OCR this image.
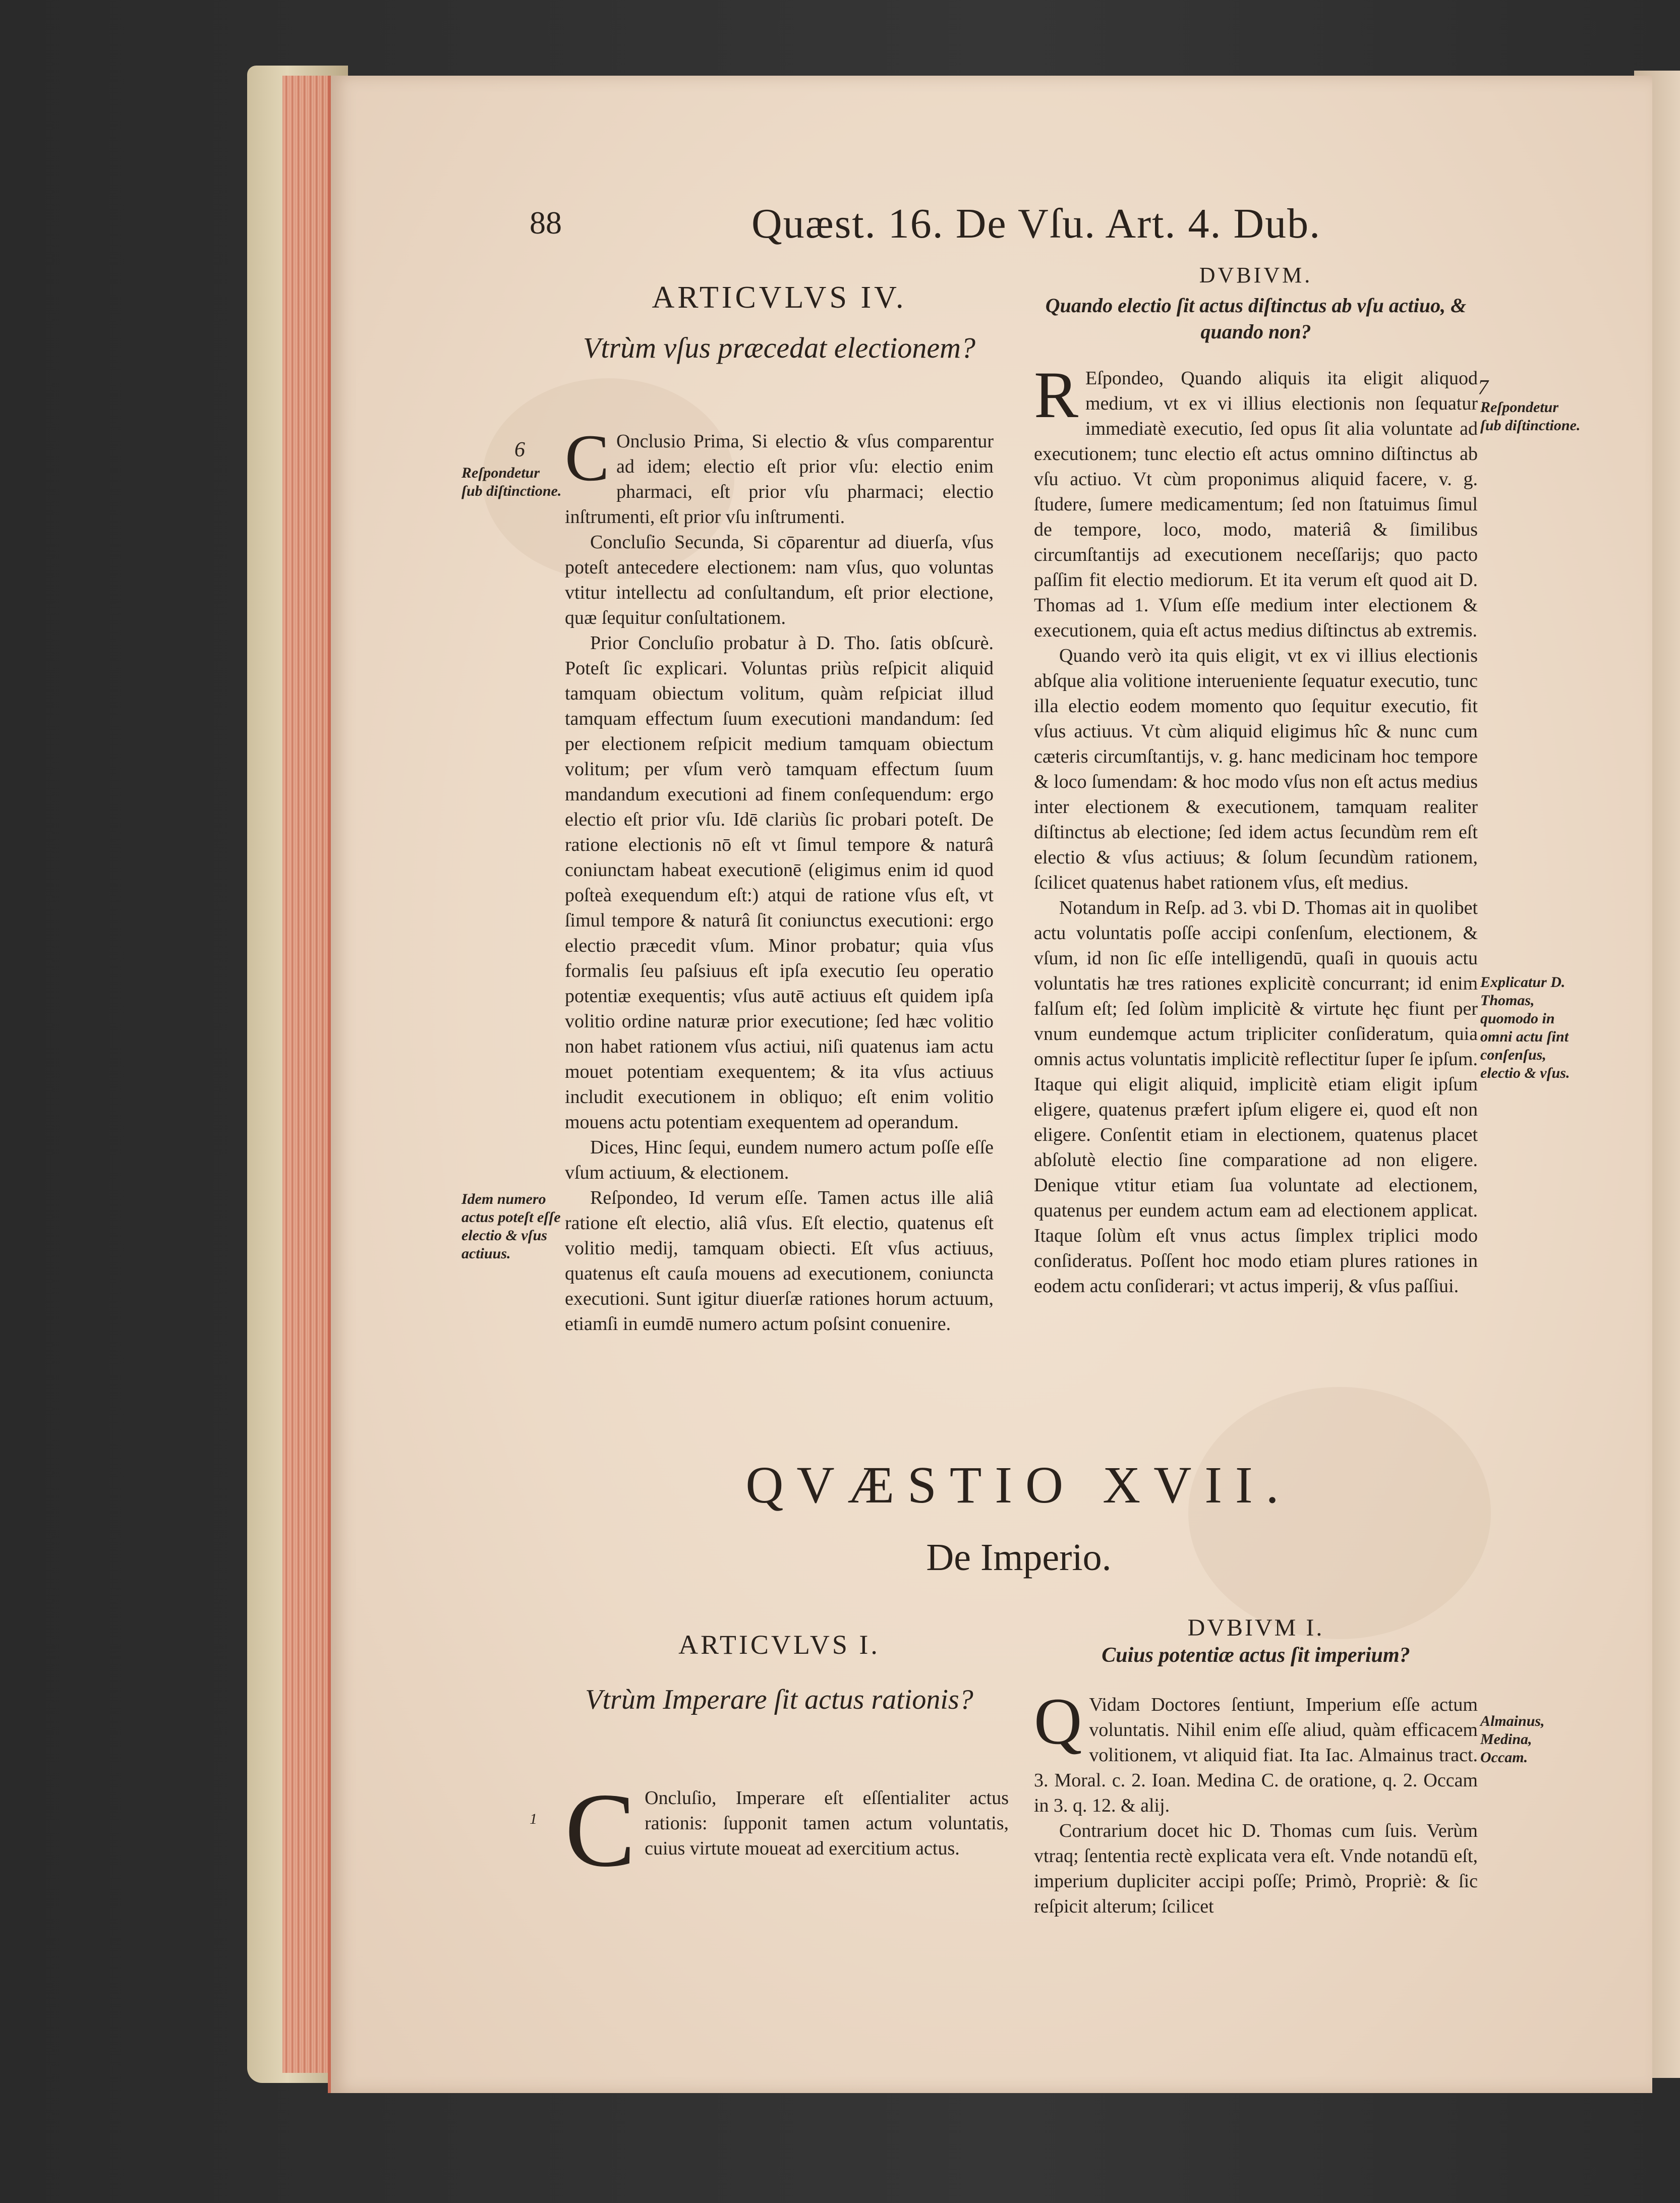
88	Quæst. 16. De Vſu. Art. 4. Dub.
ARTICVLVS IV.
Vtrùm vſus præcedat electionem?

C Onclusio Prima, Si electio & vſus comparentur ad idem; electio eſt prior vſu: electio enim pharmaci, eſt prior vſu pharmaci; electio inſtrumenti, eſt prior vſu inſtrumenti.

Concluſio Secunda, Si cōparentur ad diuerſa, vſus poteſt antecedere electionem: nam vſus, quo voluntas vtitur intellectu ad conſultandum, eſt prior electione, quæ ſequitur conſultationem.

Prior Concluſio probatur à D. Tho. ſatis obſcurè. Poteſt ſic explicari. Voluntas priùs reſpicit aliquid tamquam obiectum volitum, quàm reſpiciat illud tamquam effectum ſuum executioni mandandum: ſed per electionem reſpicit medium tamquam obiectum volitum; per vſum verò tamquam effectum ſuum mandandum executioni ad finem conſequendum: ergo electio eſt prior vſu. Idē clariùs ſic probari poteſt. De ratione electionis nō eſt vt ſimul tempore & naturâ coniunctam habeat executionē (eligimus enim id quod poſteà exequendum eſt:) atqui de ratione vſus eſt, vt ſimul tempore & naturâ ſit coniunctus executioni: ergo electio præcedit vſum. Minor probatur; quia vſus formalis ſeu paſsiuus eſt ipſa executio ſeu operatio potentiæ exequentis; vſus autē actiuus eſt quidem ipſa volitio ordine naturæ prior executione; ſed hæc volitio non habet rationem vſus actiui, niſi quatenus iam actu mouet potentiam exequentem; & ita vſus actiuus includit executionem in obliquo; eſt enim volitio mouens actu potentiam exequentem ad operandum.

Dices, Hinc ſequi, eundem numero actum poſſe eſſe vſum actiuum, & electionem.

Reſpondeo, Id verum eſſe. Tamen actus ille aliâ ratione eſt electio, aliâ vſus. Eſt electio, quatenus eſt volitio medij, tamquam obiecti. Eſt vſus actiuus, quatenus eſt cauſa mouens ad executionem, coniuncta executioni. Sunt igitur diuerſæ rationes horum actuum, etiamſi in eumdē numero actum poſsint conuenire.

DVBIVM.
Quando electio ſit actus diſtinctus ab vſu actiuo, & quando non?

R Eſpondeo, Quando aliquis ita eligit aliquod medium, vt ex vi illius electionis non ſequatur immediatè executio, ſed opus ſit alia voluntate ad executionem; tunc electio eſt actus omnino diſtinctus ab vſu actiuo. Vt cùm proponimus aliquid facere, v. g. ſtudere, ſumere medicamentum; ſed non ſtatuimus ſimul de tempore, loco, modo, materiâ & ſimilibus circumſtantijs ad executionem neceſſarijs; quo pacto paſſim fit electio mediorum. Et ita verum eſt quod ait D. Thomas ad 1. Vſum eſſe medium inter electionem & executionem, quia eſt actus medius diſtinctus ab extremis.

Quando verò ita quis eligit, vt ex vi illius electionis abſque alia volitione interueniente ſequatur executio, tunc illa electio eodem momento quo ſequitur executio, fit vſus actiuus. Vt cùm aliquid eligimus hîc & nunc cum cæteris circumſtantijs, v. g. hanc medicinam hoc tempore & loco ſumendam: & hoc modo vſus non eſt actus medius inter electionem & executionem, tamquam realiter diſtinctus ab electione; ſed idem actus ſecundùm rem eſt electio & vſus actiuus; & ſolum ſecundùm rationem, ſcilicet quatenus habet rationem vſus, eſt medius.

Notandum in Reſp. ad 3. vbi D. Thomas ait in quolibet actu voluntatis poſſe accipi conſenſum, electionem, & vſum, id non ſic eſſe intelligendū, quaſi in quouis actu voluntatis hæ tres rationes explicitè concurrant; id enim falſum eſt; ſed ſolùm implicitè & virtute hęc fiunt per vnum eundemque actum tripliciter conſideratum, quia omnis actus voluntatis implicitè reflectitur ſuper ſe ipſum. Itaque qui eligit aliquid, implicitè etiam eligit ipſum eligere, quatenus præfert ipſum eligere ei, quod eſt non eligere. Conſentit etiam in electionem, quatenus placet abſolutè electio ſine comparatione ad non eligere. Denique vtitur etiam ſua voluntate ad electionem, quatenus per eundem actum eam ad electionem applicat. Itaque ſolùm eſt vnus actus ſimplex triplici modo conſideratus. Poſſent hoc modo etiam plures rationes in eodem actu conſiderari; vt actus imperij, & vſus paſſiui.

QVÆSTIO XVII.
De Imperio.
ARTICVLVS I.
Vtrùm Imperare ſit actus rationis?

C Oncluſio, Imperare eſt eſſentialiter actus rationis: ſupponit tamen actum voluntatis, cuius virtute moueat ad exercitium actus.

DVBIVM I.
Cuius potentiæ actus ſit imperium?

Q Vidam Doctores ſentiunt, Imperium eſſe actum voluntatis. Nihil enim eſſe aliud, quàm efficacem volitionem, vt aliquid fiat. Ita Iac. Almainus tract. 3. Moral. c. 2. Ioan. Medina C. de oratione, q. 2. Occam in 3. q. 12. & alij.

Contrarium docet hic D. Thomas cum ſuis. Verùm vtraq; ſententia rectè explicata vera eſt. Vnde notandū eſt, imperium dupliciter accipi poſſe; Primò, Propriè: & ſic reſpicit alterum; ſcilicet

6
Reſpondetur ſub diſtinctione.
7
Reſpondetur ſub diſtinctione.
Idem numero actus poteſt eſſe electio & vſus actiuus.
Explicatur D. Thomas, quomodo in omni actu ſint conſenſus, electio & vſus.
Almainus, Medina, Occam.
1
